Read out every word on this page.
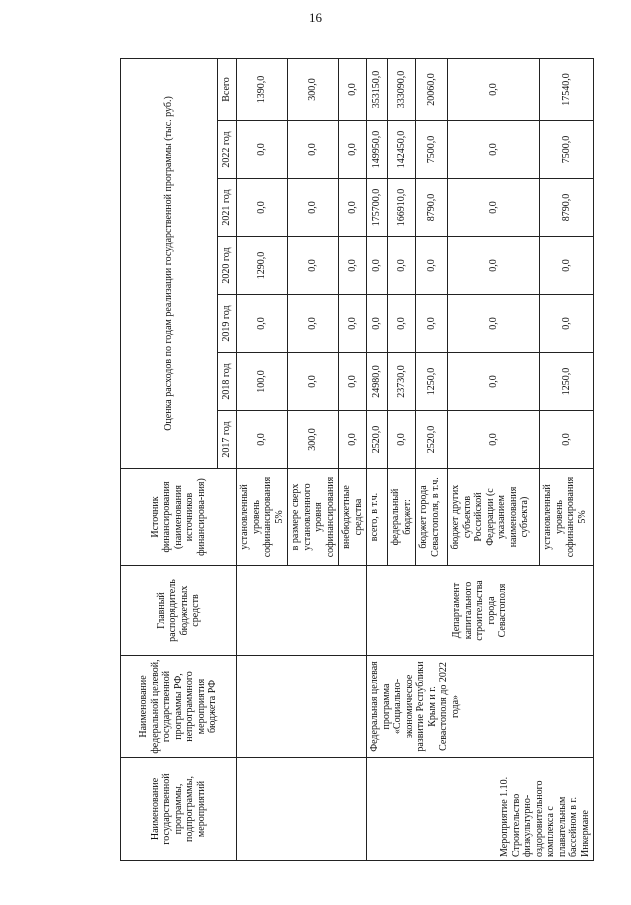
16
Наименование государственной программы, подпрограммы, мероприятий	Наименование федеральной целевой, государственной программы РФ, непрограммного мероприятия бюджета РФ	Главный распорядитель бюджетных средств	Источник финансирования (наименования источников финансирова-ния)	Оценка расходов по годам реализации государственной программы (тыс. руб.)						
				2017 год	2018 год	2019 год	2020 год	2021 год	2022 год	Всего
			установленный уровень софинансирования 5%	0,0	100,0	0,0	1290,0	0,0	0,0	1390,0
			в размере сверх установленного уровня софинансирования	300,0	0,0	0,0	0,0	0,0	0,0	300,0
			внебюджетные средства	0,0	0,0	0,0	0,0	0,0	0,0	0,0
Мероприятие 1.10. Строительство физкультурно-оздоровительного комплекса с плавательным бассейном в г. Инкермане	Федеральная целевая программа «Социально-экономическое развитие Республики Крым и г. Севастополя до 2022 года»	Департамент капитального строительства города Севастополя	всего, в т.ч.	2520,0	24980,0	0,0	0,0	175700,0	149950,0	353150,0
			федеральный бюджет:	0,0	23730,0	0,0	0,0	166910,0	142450,0	333090,0
			бюджет города Севастополя, в т.ч.	2520,0	1250,0	0,0	0,0	8790,0	7500,0	20060,0
			бюджет других субъектов Российской Федерации (с указанием наименования субъекта)	0,0	0,0	0,0	0,0	0,0	0,0	0,0
			установленный уровень софинансирования 5%	0,0	1250,0	0,0	0,0	8790,0	7500,0	17540,0
